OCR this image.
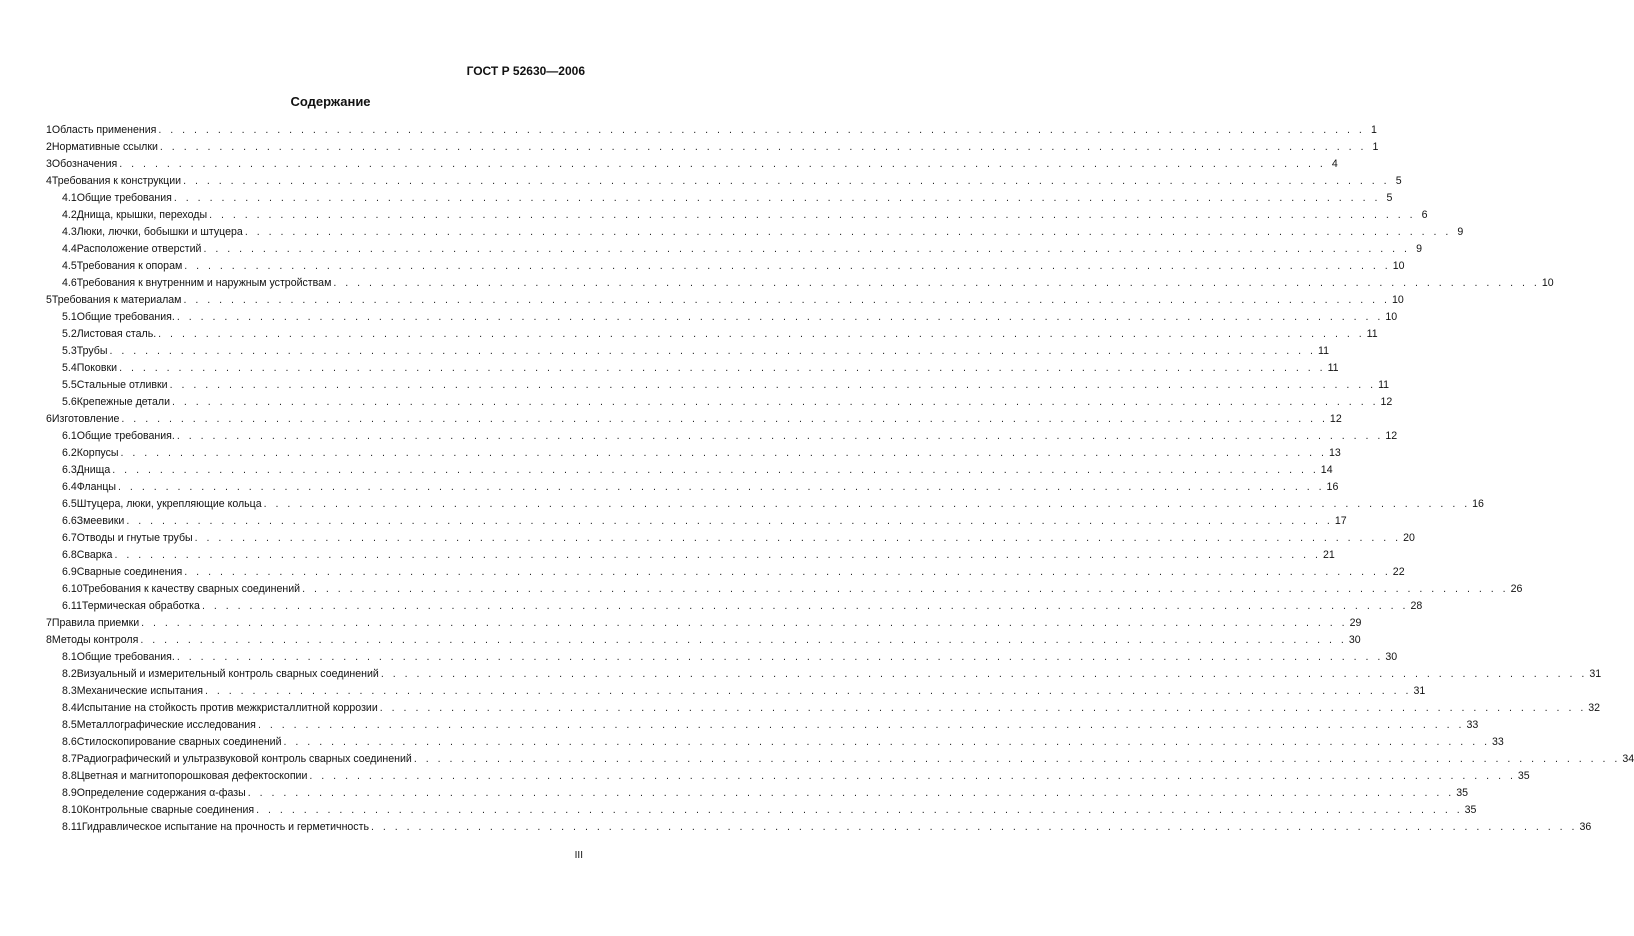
ГОСТ Р 52630—2006
Содержание
1 Область применения . . .	1
2 Нормативные ссылки . . .	1
3 Обозначения . . .	4
4 Требования к конструкции . . .	5
4.1 Общие требования . . .	5
4.2 Днища, крышки, переходы . . .	6
4.3 Люки, лючки, бобышки и штуцера . . .	9
4.4 Расположение отверстий . . .	9
4.5 Требования к опорам . . .	10
4.6 Требования к внутренним и наружным устройствам . . .	10
5 Требования к материалам . . .	10
5.1 Общие требования. . . .	10
5.2 Листовая сталь. . . .	11
5.3 Трубы . . .	11
5.4 Поковки . . .	11
5.5 Стальные отливки . . .	11
5.6 Крепежные детали . . .	12
6 Изготовление . . .	12
6.1 Общие требования. . . .	12
6.2 Корпусы . . .	13
6.3 Днища . . .	14
6.4 Фланцы . . .	16
6.5 Штуцера, люки, укрепляющие кольца . . .	16
6.6 Змеевики . . .	17
6.7 Отводы и гнутые трубы . . .	20
6.8 Сварка . . .	21
6.9 Сварные соединения . . .	22
6.10 Требования к качеству сварных соединений . . .	26
6.11 Термическая обработка . . .	28
7 Правила приемки . . .	29
8 Методы контроля . . .	30
8.1 Общие требования. . . .	30
8.2 Визуальный и измерительный контроль сварных соединений . . .	31
8.3 Механические испытания . . .	31
8.4 Испытание на стойкость против межкристаллитной коррозии . . .	32
8.5 Металлографические исследования . . .	33
8.6 Стилоскопирование сварных соединений . . .	33
8.7 Радиографический и ультразвуковой контроль сварных соединений . . .	34
8.8 Цветная и магнитопорошковая дефектоскопии . . .	35
8.9 Определение содержания α-фазы . . .	35
8.10 Контрольные сварные соединения . . .	35
8.11 Гидравлическое испытание на прочность и герметичность . . .	36
III
